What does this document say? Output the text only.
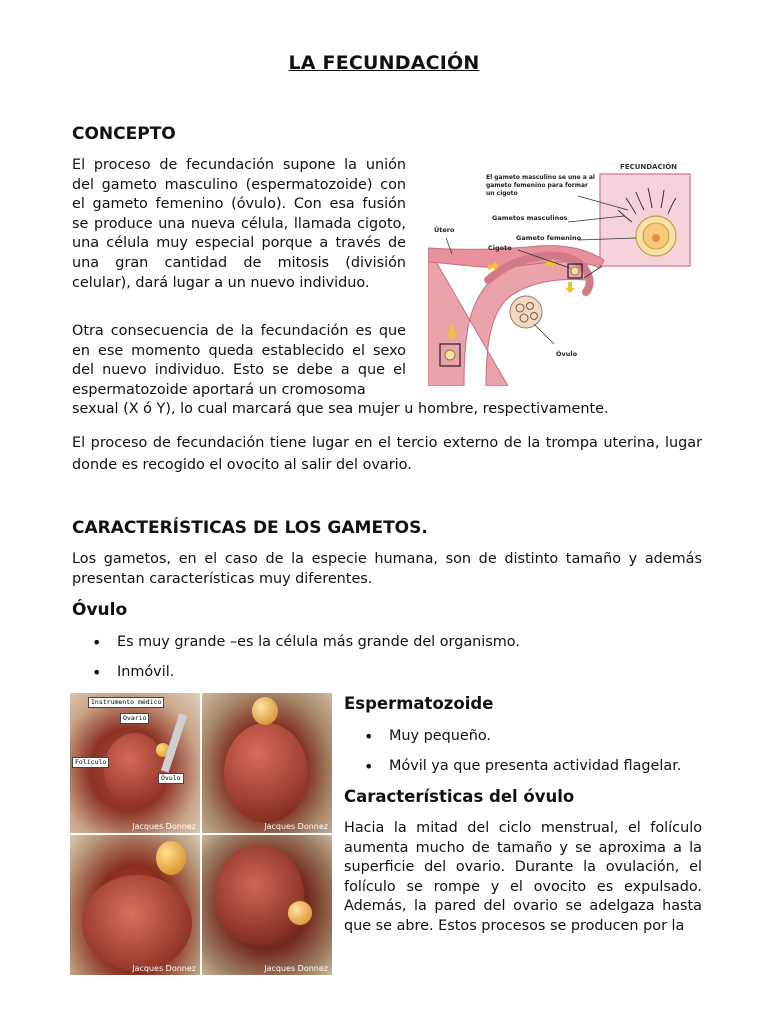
LA FECUNDACIÓN
CONCEPTO

El proceso de fecundación supone la unión del gameto masculino (espermatozoide) con el gameto femenino (óvulo). Con esa fusión se produce una nueva célula, llamada cigoto, una célula muy especial porque a través de una gran cantidad de mitosis (división celular), dará lugar a un nuevo individuo.

Otra consecuencia de la fecundación es que en ese momento queda establecido el sexo del nuevo individuo. Esto se debe a que el espermatozoide aportará un cromosoma

sexual (X ó Y), lo cual marcará que sea mujer u hombre, respectivamente.

El proceso de fecundación tiene lugar en el tercio externo de la trompa uterina, lugar donde es recogido el ovocito al salir del ovario.

FECUNDACIÓN
El gameto masculino se une a al gameto femenino para formar un cigoto
Gametos masculinos
Gameto femenino
Útero
Cigoto
Óvulo
CARACTERÍSTICAS DE LOS GAMETOS.

Los gametos, en el caso de la especie humana, son de distinto tamaño y además presentan características muy diferentes.

Óvulo
• Es muy grande –es la célula más grande del organismo.
• Inmóvil.
Instrumento médico
Ovario
Folículo
Óvulo
Jacques Donnez	Jacques Donnez
Jacques Donnez	Jacques Donnez
Espermatozoide
• Muy pequeño.
• Móvil ya que presenta actividad flagelar.
Características del óvulo

Hacia la mitad del ciclo menstrual, el folículo aumenta mucho de tamaño y se aproxima a la superficie del ovario. Durante la ovulación, el folículo se rompe y el ovocito es expulsado. Además, la pared del ovario se adelgaza hasta que se abre. Estos procesos se producen por la
